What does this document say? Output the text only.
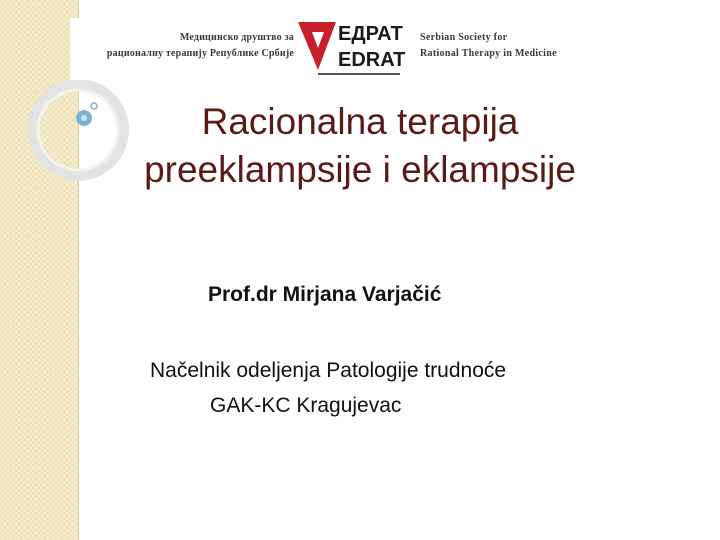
Медицинско друштво за
рационалну терапију Републике Србије
ЕДРАТ
EDRAT
Serbian Society for
Rational Therapy in Medicine
Racionalna terapija
preeklampsije i eklampsije
Prof.dr Mirjana Varjačić
Načelnik odeljenja Patologije trudnoće
GAK-KC Kragujevac
